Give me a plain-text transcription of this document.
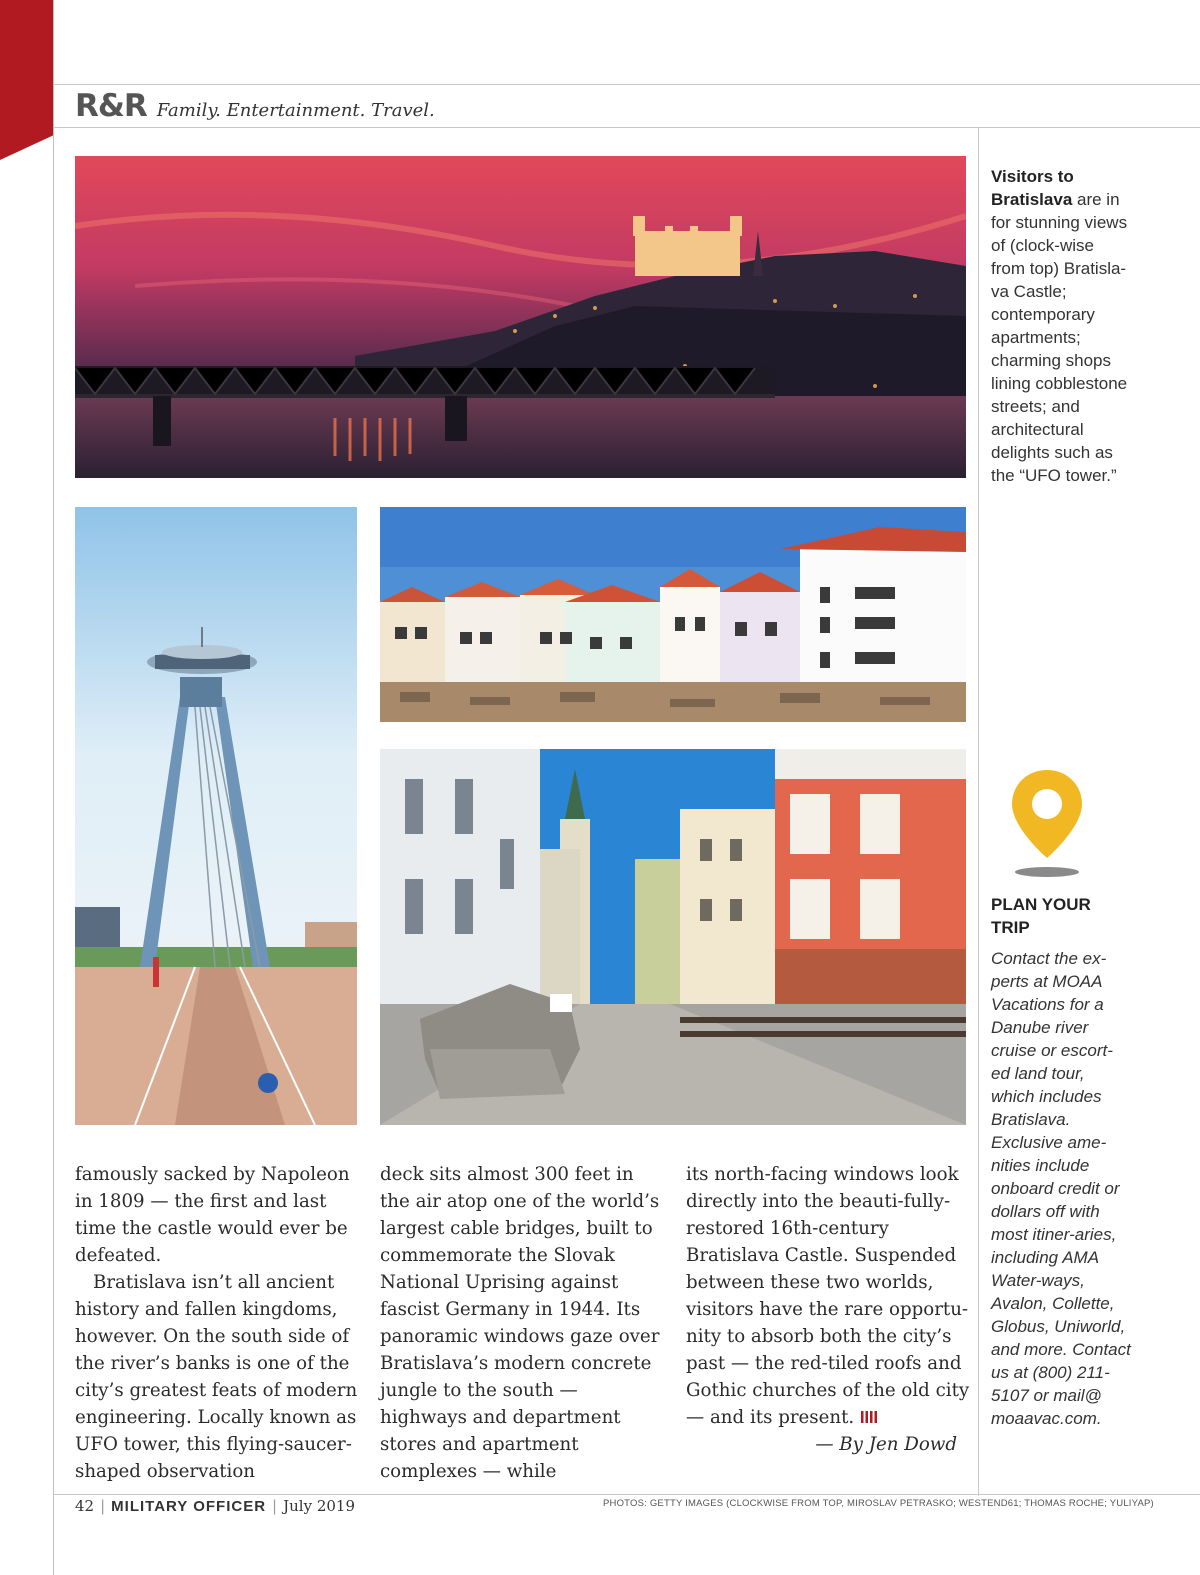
R&R Family. Entertainment. Travel.
Visitors to Bratislava are in for stunning views of (clock-wise from top) Bratisla-va Castle; contemporary apartments; charming shops lining cobblestone streets; and architectural delights such as the “UFO tower.”
PLAN YOUR TRIP
Contact the ex-perts at MOAA Vacations for a Danube river cruise or escort-ed land tour, which includes Bratislava. Exclusive ame-nities include onboard credit or dollars off with most itiner-aries, including AMA Water-ways, Avalon, Collette, Globus, Uniworld, and more. Contact us at (800) 211-5107 or mail@ moaavac.com.

famously sacked by Napoleon in 1809 — the first and last time the castle would ever be defeated.

Bratislava isn’t all ancient history and fallen kingdoms, however. On the south side of the river’s banks is one of the city’s greatest feats of modern engineering. Locally known as UFO tower, this flying-saucer-shaped observation

deck sits almost 300 feet in the air atop one of the world’s largest cable bridges, built to commemorate the Slovak National Uprising against fascist Germany in 1944. Its panoramic windows gaze over Bratislava’s modern concrete jungle to the south — highways and department stores and apartment complexes — while

its north-facing windows look directly into the beauti-fully-restored 16th-century Bratislava Castle. Suspended between these two worlds, visitors have the rare opportu-nity to absorb both the city’s past — the red-tiled roofs and Gothic churches of the old city — and its present.

— By Jen Dowd

42 | MILITARY OFFICER | July 2019	PHOTOS: GETTY IMAGES (CLOCKWISE FROM TOP, MIROSLAV PETRASKO; WESTEND61; THOMAS ROCHE; YULIYAP)
